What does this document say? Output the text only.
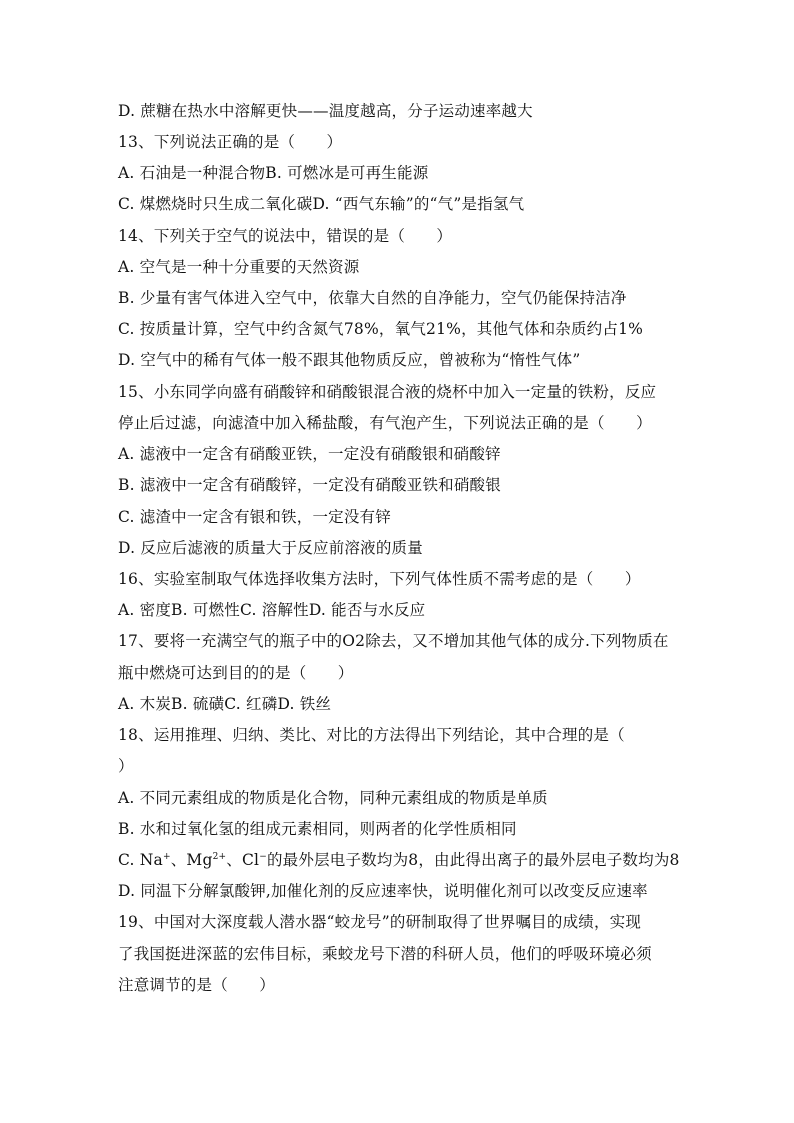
D. 蔗糖在热水中溶解更快——温度越高，分子运动速率越大
13、下列说法正确的是（　　）
A. 石油是一种混合物B. 可燃冰是可再生能源
C. 煤燃烧时只生成二氧化碳D. “西气东输”的“气”是指氢气
14、下列关于空气的说法中，错误的是（　　）
A. 空气是一种十分重要的天然资源
B. 少量有害气体进入空气中，依靠大自然的自净能力，空气仍能保持洁净
C. 按质量计算，空气中约含氮气78%，氧气21%，其他气体和杂质约占1%
D. 空气中的稀有气体一般不跟其他物质反应，曾被称为“惰性气体”
15、小东同学向盛有硝酸锌和硝酸银混合液的烧杯中加入一定量的铁粉，反应
停止后过滤，向滤渣中加入稀盐酸，有气泡产生，下列说法正确的是（　　）
A. 滤液中一定含有硝酸亚铁，一定没有硝酸银和硝酸锌
B. 滤液中一定含有硝酸锌，一定没有硝酸亚铁和硝酸银
C. 滤渣中一定含有银和铁，一定没有锌
D. 反应后滤液的质量大于反应前溶液的质量
16、实验室制取气体选择收集方法时，下列气体性质不需考虑的是（　　）
A. 密度B. 可燃性C. 溶解性D. 能否与水反应
17、要将一充满空气的瓶子中的O2除去，又不增加其他气体的成分.下列物质在
瓶中燃烧可达到目的的是（　　）
A. 木炭B. 硫磺C. 红磷D. 铁丝
18、运用推理、归纳、类比、对比的方法得出下列结论，其中合理的是（
）
A. 不同元素组成的物质是化合物，同种元素组成的物质是单质
B. 水和过氧化氢的组成元素相同，则两者的化学性质相同
C. Na+、$Mg^{2+}$、Cl−的最外层电子数均为8，由此得出离子的最外层电子数均为8
D. 同温下分解氯酸钾,加催化剂的反应速率快，说明催化剂可以改变反应速率
19、中国对大深度载人潜水器“蛟龙号”的研制取得了世界嘱目的成绩，实现
了我国挺进深蓝的宏伟目标，乘蛟龙号下潜的科研人员，他们的呼吸环境必须
注意调节的是（　　）
